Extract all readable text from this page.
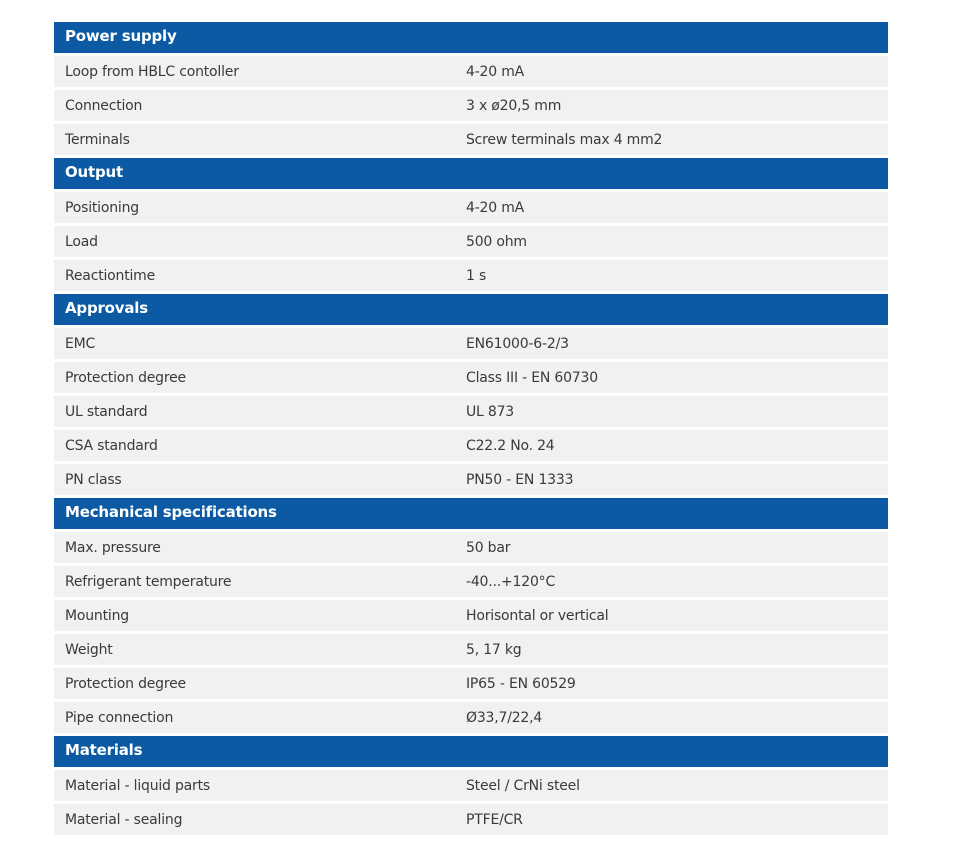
Power supply
Loop from HBLC contoller	4-20 mA
Connection	3 x ø20,5 mm
Terminals	Screw terminals max 4 mm2
Output
Positioning	4-20 mA
Load	500 ohm
Reactiontime	1 s
Approvals
EMC	EN61000-6-2/3
Protection degree	Class III - EN 60730
UL standard	UL 873
CSA standard	C22.2 No. 24
PN class	PN50 - EN 1333
Mechanical specifications
Max. pressure	50 bar
Refrigerant temperature	-40...+120°C
Mounting	Horisontal or vertical
Weight	5, 17 kg
Protection degree	IP65 - EN 60529
Pipe connection	Ø33,7/22,4
Materials
Material - liquid parts	Steel / CrNi steel
Material - sealing	PTFE/CR
